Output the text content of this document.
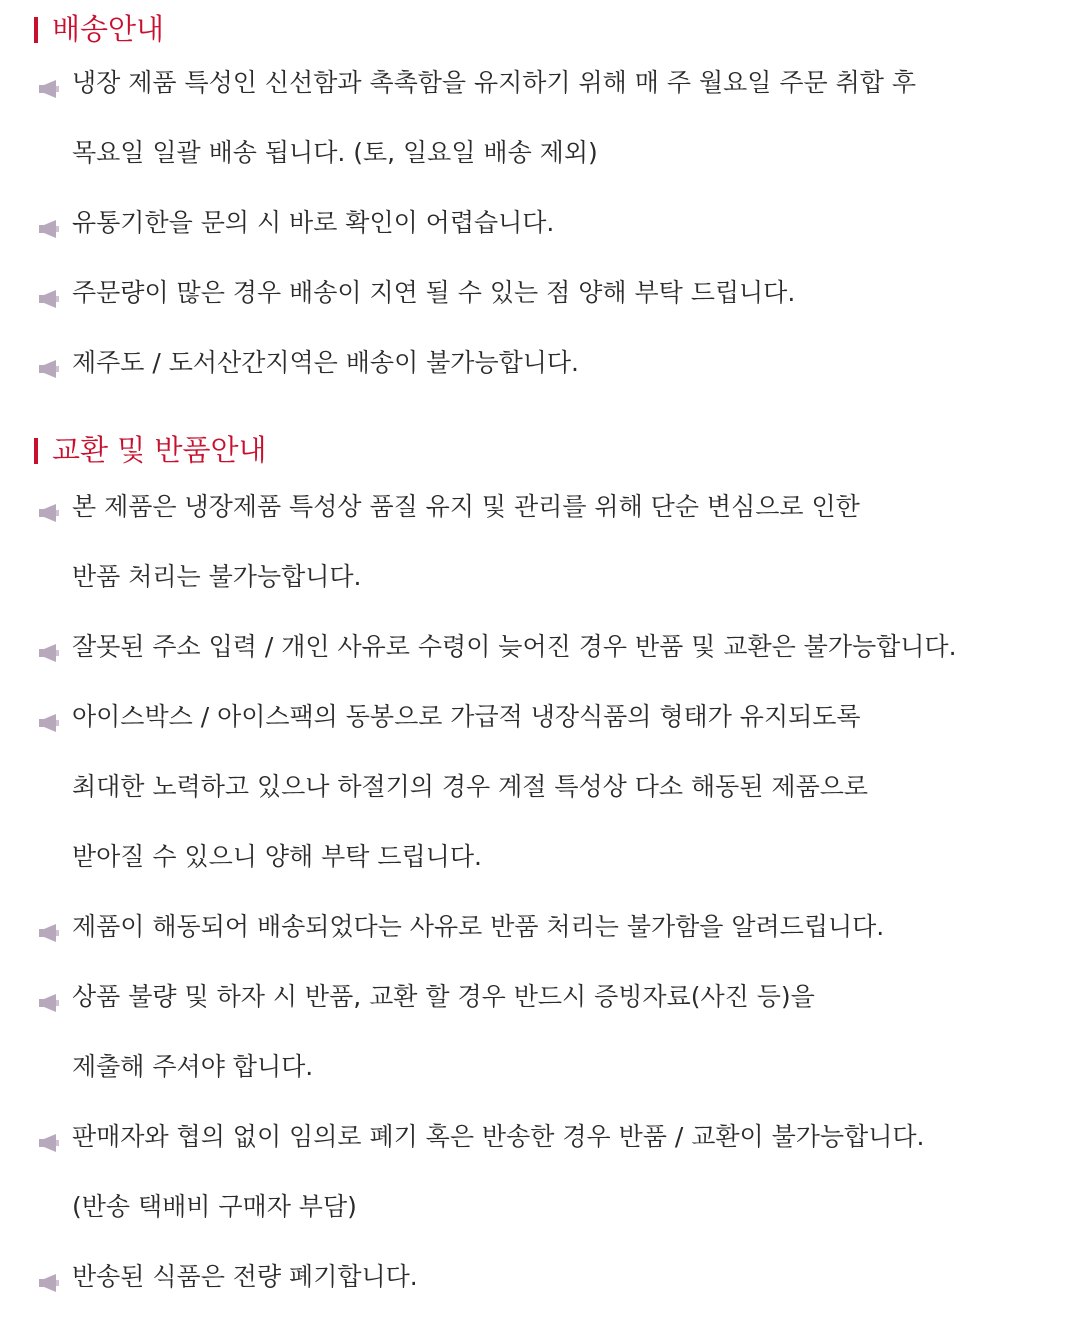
배송안내
냉장 제품 특성인 신선함과 촉촉함을 유지하기 위해 매 주 월요일 주문 취합 후
목요일 일괄 배송 됩니다. (토, 일요일 배송 제외)
유통기한을 문의 시 바로 확인이 어렵습니다.
주문량이 많은 경우 배송이 지연 될 수 있는 점 양해 부탁 드립니다.
제주도 / 도서산간지역은 배송이 불가능합니다.
교환 및 반품안내
본 제품은 냉장제품 특성상 품질 유지 및 관리를 위해 단순 변심으로 인한
반품 처리는 불가능합니다.
잘못된 주소 입력 / 개인 사유로 수령이 늦어진 경우 반품 및 교환은 불가능합니다.
아이스박스 / 아이스팩의 동봉으로 가급적 냉장식품의 형태가 유지되도록
최대한 노력하고 있으나 하절기의 경우 계절 특성상 다소 해동된 제품으로
받아질 수 있으니 양해 부탁 드립니다.
제품이 해동되어 배송되었다는 사유로 반품 처리는 불가함을 알려드립니다.
상품 불량 및 하자 시 반품, 교환 할 경우 반드시 증빙자료(사진 등)을
제출해 주셔야 합니다.
판매자와 협의 없이 임의로 폐기 혹은 반송한 경우 반품 / 교환이 불가능합니다.
(반송 택배비 구매자 부담)
반송된 식품은 전량 폐기합니다.
